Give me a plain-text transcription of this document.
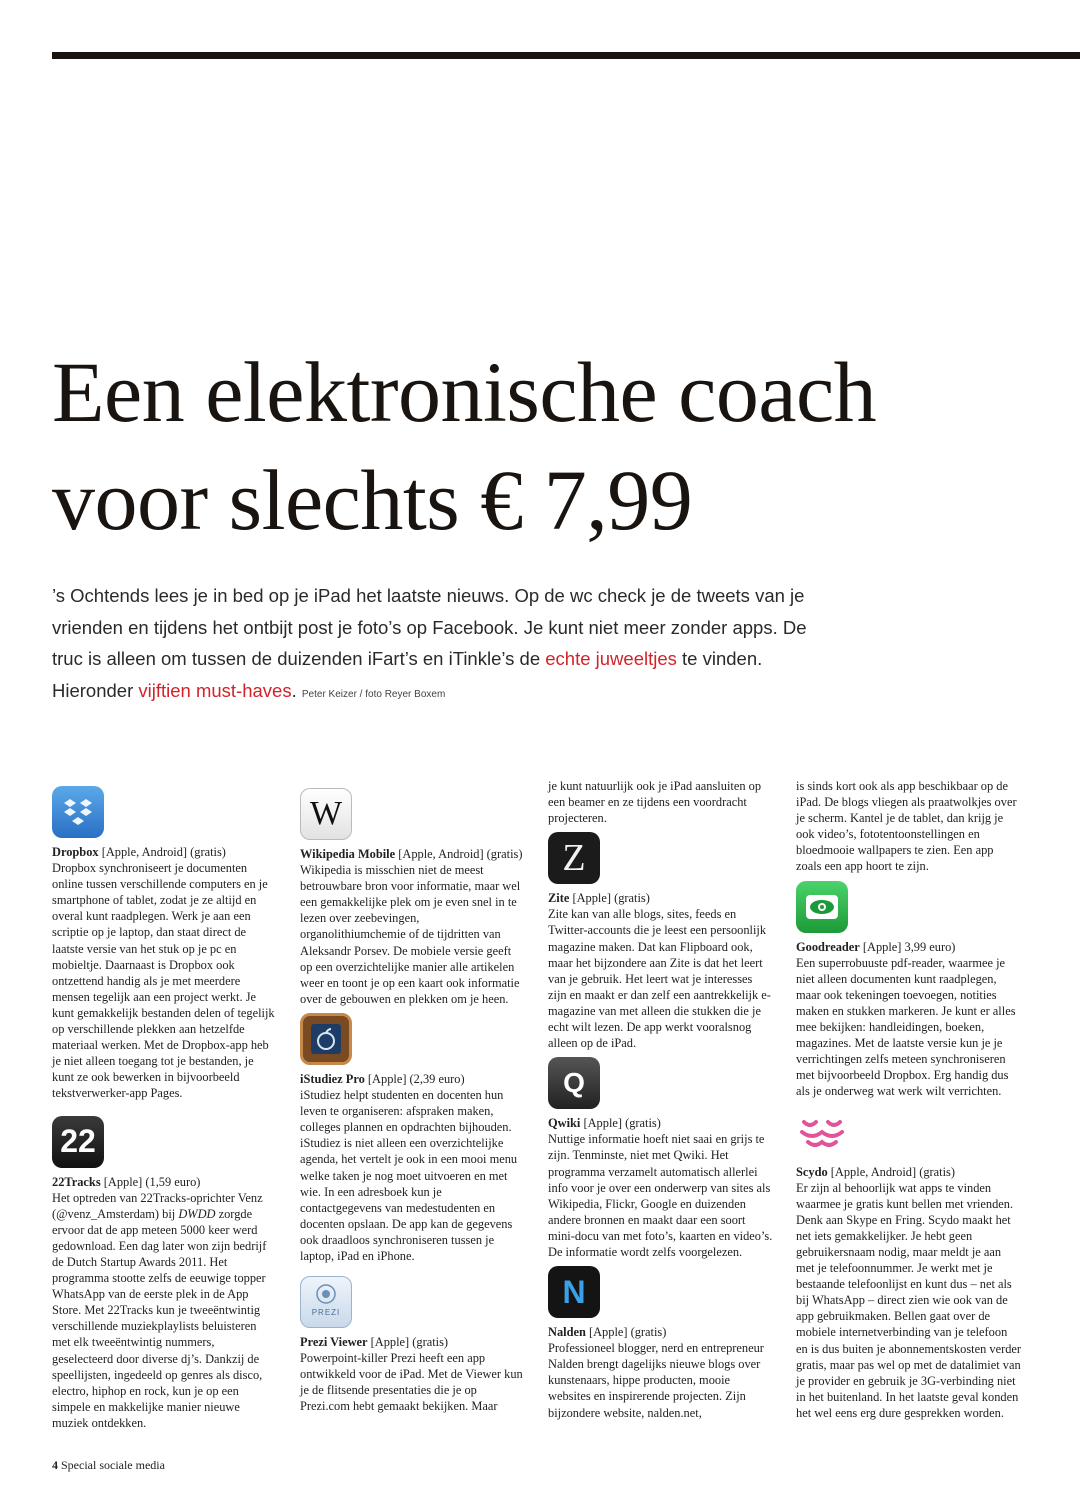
Een elektronische coach
voor slechts € 7,99

’s Ochtends lees je in bed op je iPad het laatste nieuws. Op de wc check je de tweets van je vrienden en tijdens het ontbijt post je foto’s op Facebook. Je kunt niet meer zonder apps. De truc is alleen om tussen de duizenden iFart’s en iTinkle’s de echte juweeltjes te vinden. Hieronder vijftien must-haves. Peter Keizer / foto Reyer Boxem

Dropbox [Apple, Android] (gratis)
Dropbox synchroniseert je documenten online tussen verschillende computers en je smartphone of tablet, zodat je ze altijd en overal kunt raadplegen. Werk je aan een scriptie op je laptop, dan staat direct de laatste versie van het stuk op je pc en mobieltje. Daarnaast is Dropbox ook ontzettend handig als je met meerdere mensen tegelijk aan een project werkt. Je kunt gemakkelijk bestanden delen of tegelijk op verschillende plekken aan hetzelfde materiaal werken. Met de Dropbox-app heb je niet alleen toegang tot je bestanden, je kunt ze ook bewerken in bijvoorbeeld tekstverwerker-app Pages.

22

22Tracks [Apple] (1,59 euro)
Het optreden van 22Tracks-oprichter Venz (@venz_Amsterdam) bij DWDD zorgde ervoor dat de app meteen 5000 keer werd gedownload. Een dag later won zijn bedrijf de Dutch Startup Awards 2011. Het programma stootte zelfs de eeuwige topper WhatsApp van de eerste plek in de App Store. Met 22Tracks kun je tweeëntwintig verschillende muziekplaylists beluisteren met elk tweeëntwintig nummers, geselecteerd door diverse dj’s. Dankzij de speellijsten, ingedeeld op genres als disco, electro, hiphop en rock, kun je op een simpele en makkelijke manier nieuwe muziek ontdekken.

W

Wikipedia Mobile [Apple, Android] (gratis)
Wikipedia is misschien niet de meest betrouwbare bron voor informatie, maar wel een gemakkelijke plek om je even snel in te lezen over zeebevingen, organolithiumchemie of de tijdritten van Aleksandr Porsev. De mobiele versie geeft op een overzichtelijke manier alle artikelen weer en toont je op een kaart ook informatie over de gebouwen en plekken om je heen.

iStudiez Pro [Apple] (2,39 euro)
iStudiez helpt studenten en docenten hun leven te organiseren: afspraken maken, colleges plannen en opdrachten bijhouden. iStudiez is niet alleen een overzichtelijke agenda, het vertelt je ook in een mooi menu welke taken je nog moet uitvoeren en met wie. In een adresboek kun je contactgegevens van medestudenten en docenten opslaan. De app kan de gegevens ook draadloos synchroniseren tussen je laptop, iPad en iPhone.

PREZI

Prezi Viewer [Apple] (gratis)
Powerpoint-killer Prezi heeft een app ontwikkeld voor de iPad. Met de Viewer kun je de flitsende presentaties die je op Prezi.com hebt gemaakt bekijken. Maar

je kunt natuurlijk ook je iPad aansluiten op een beamer en ze tijdens een voordracht projecteren.

Z

Zite [Apple] (gratis)
Zite kan van alle blogs, sites, feeds en Twitter-accounts die je leest een persoonlijk magazine maken. Dat kan Flipboard ook, maar het bijzondere aan Zite is dat het leert van je gebruik. Het leert wat je interesses zijn en maakt er dan zelf een aantrekkelijk e-magazine van met alleen die stukken die je echt wilt lezen. De app werkt vooralsnog alleen op de iPad.

Q

Qwiki [Apple] (gratis)
Nuttige informatie hoeft niet saai en grijs te zijn. Tenminste, niet met Qwiki. Het programma verzamelt automatisch allerlei info voor je over een onderwerp van sites als Wikipedia, Flickr, Google en duizenden andere bronnen en maakt daar een soort mini-docu van met foto’s, kaarten en video’s. De informatie wordt zelfs voorgelezen.

N

Nalden [Apple] (gratis)
Professioneel blogger, nerd en entrepreneur Nalden brengt dagelijks nieuwe blogs over kunstenaars, hippe producten, mooie websites en inspirerende projecten. Zijn bijzondere website, nalden.net,

is sinds kort ook als app beschikbaar op de iPad. De blogs vliegen als praatwolkjes over je scherm. Kantel je de tablet, dan krijg je ook video’s, fototentoonstellingen en bloedmooie wallpapers te zien. Een app zoals een app hoort te zijn.

Goodreader [Apple] 3,99 euro)
Een superrobuuste pdf-reader, waarmee je niet alleen documenten kunt raadplegen, maar ook tekeningen toevoegen, notities maken en stukken markeren. Je kunt er alles mee bekijken: handleidingen, boeken, magazines. Met de laatste versie kun je je verrichtingen zelfs meteen synchroniseren met bijvoorbeeld Dropbox. Erg handig dus als je onderweg wat werk wilt verrichten.

Scydo [Apple, Android] (gratis)
Er zijn al behoorlijk wat apps te vinden waarmee je gratis kunt bellen met vrienden. Denk aan Skype en Fring. Scydo maakt het net iets gemakkelijker. Je hebt geen gebruikersnaam nodig, maar meldt je aan met je telefoonnummer. Je werkt met je bestaande telefoonlijst en kunt dus – net als bij WhatsApp – direct zien wie ook van de app gebruikmaken. Bellen gaat over de mobiele internetverbinding van je telefoon en is dus buiten je abonnementskosten verder gratis, maar pas wel op met de datalimiet van je provider en gebruik je 3G-verbinding niet in het buitenland. In het laatste geval konden het wel eens erg dure gesprekken worden.

4 Special sociale media
